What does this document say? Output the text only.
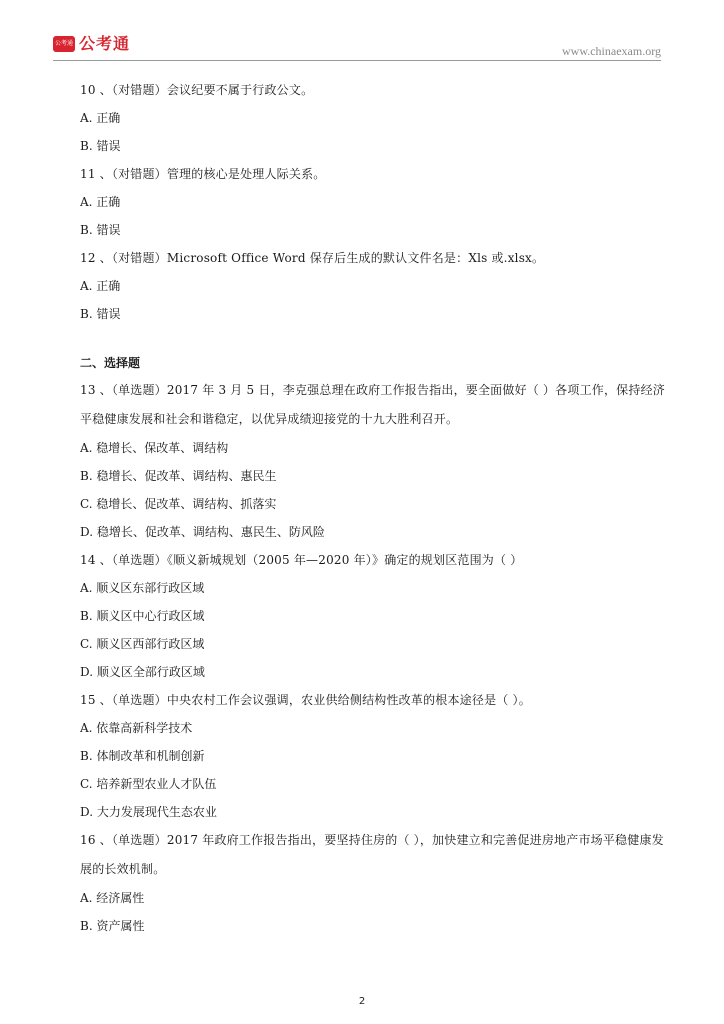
公考通 公考通	www.chinaexam.org
10 、（对错题）会议纪要不属于行政公文。
A. 正确
B. 错误
11 、（对错题）管理的核心是处理人际关系。
A. 正确
B. 错误
12 、（对错题）Microsoft Office Word 保存后生成的默认文件名是：Xls 或.xlsx。
A. 正确
B. 错误
二、选择题
13 、（单选题）2017 年 3 月 5 日，李克强总理在政府工作报告指出，要全面做好（ ）各项工作，保持经济平稳健康发展和社会和谐稳定，以优异成绩迎接党的十九大胜利召开。
A. 稳增长、保改革、调结构
B. 稳增长、促改革、调结构、惠民生
C. 稳增长、促改革、调结构、抓落实
D. 稳增长、促改革、调结构、惠民生、防风险
14 、（单选题）《顺义新城规划（2005 年—2020 年）》确定的规划区范围为（ ）
A. 顺义区东部行政区域
B. 顺义区中心行政区域
C. 顺义区西部行政区域
D. 顺义区全部行政区域
15 、（单选题）中央农村工作会议强调，农业供给侧结构性改革的根本途径是（ ）。
A. 依靠高新科学技术
B. 体制改革和机制创新
C. 培养新型农业人才队伍
D. 大力发展现代生态农业
16 、（单选题）2017 年政府工作报告指出，要坚持住房的（ ），加快建立和完善促进房地产市场平稳健康发展的长效机制。
A. 经济属性
B. 资产属性
2
